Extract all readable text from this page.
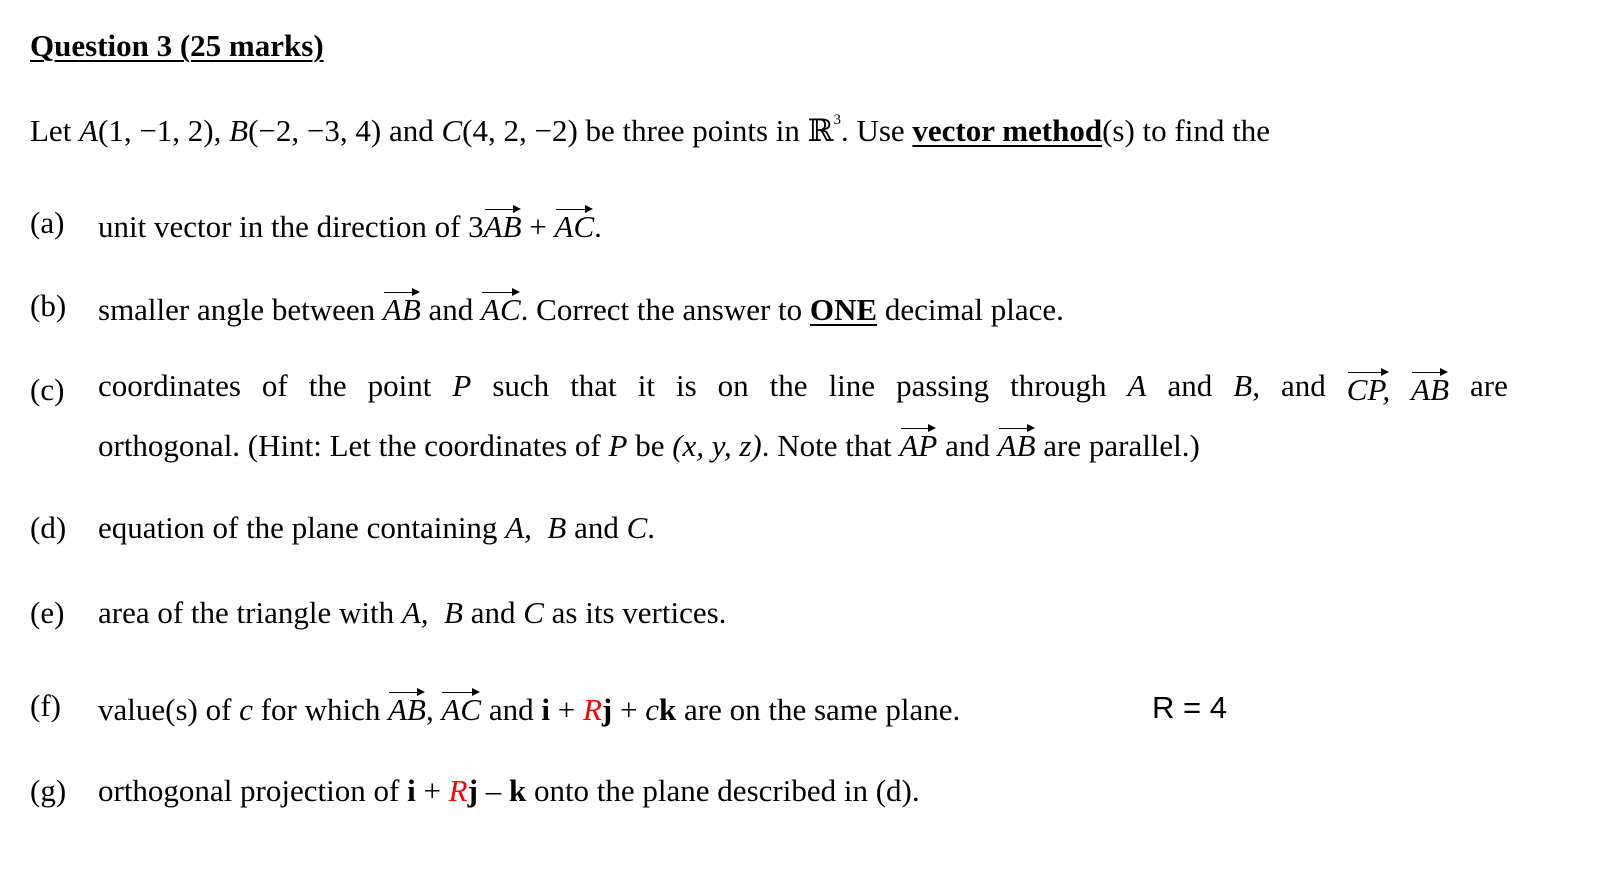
Question 3 (25 marks)
Let A(1, −1, 2), B(−2, −3, 4) and C(4, 2, −2) be three points in ℝ$^3$. Use vector method(s) to find the
(a) unit vector in the direction of 3AB + AC.
(b) smaller angle between AB and AC. Correct the answer to ONE decimal place.
(c) coordinates of the point P such that it is on the line passing through A and B, and CP, AB are
orthogonal. (Hint: Let the coordinates of P be (x, y, z). Note that AP and AB are parallel.)
(d) equation of the plane containing A, B and C.
(e) area of the triangle with A, B and C as its vertices.
(f) value(s) of c for which AB, AC and i + Rj + ck are on the same plane.	R = 4
(g) orthogonal projection of i + Rj – k onto the plane described in (d).
